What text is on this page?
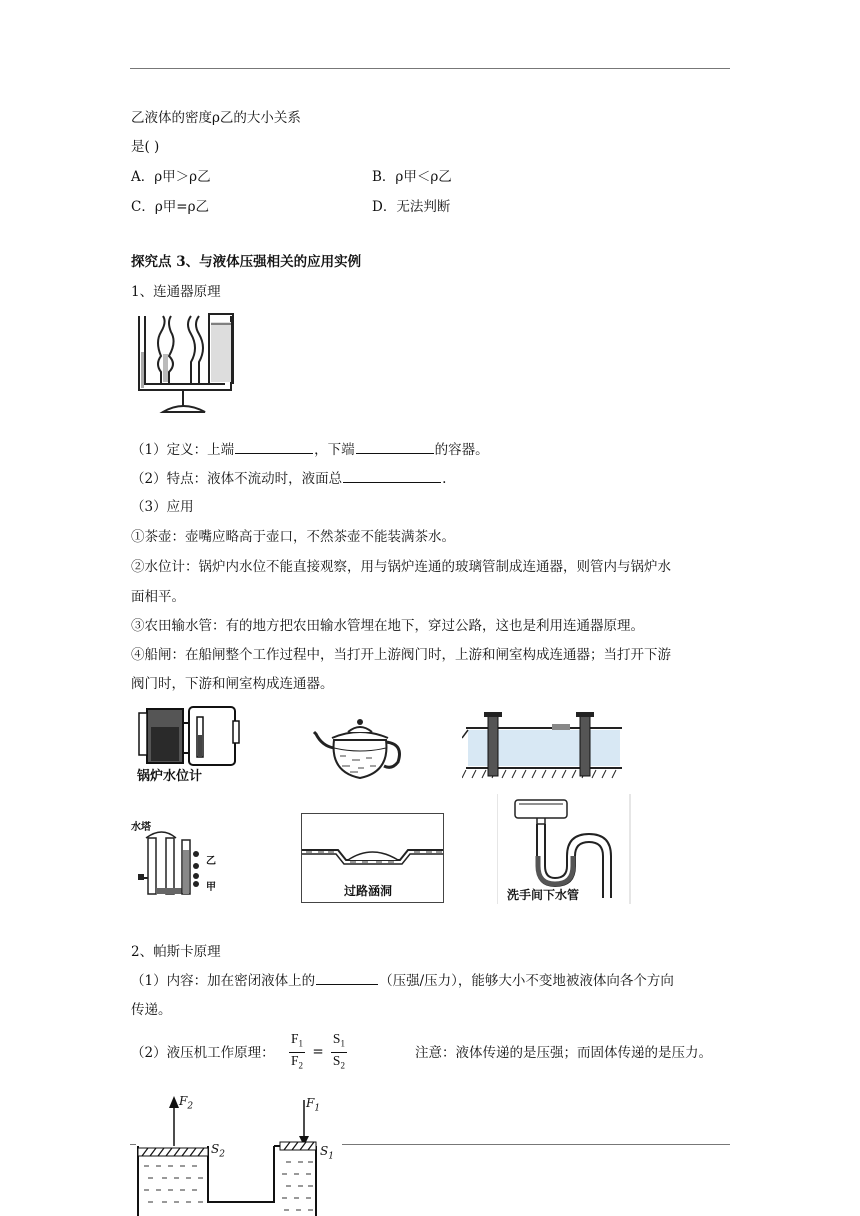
乙液体的密度ρ乙的大小关系
是( )
A．ρ甲＞ρ乙	B．ρ甲＜ρ乙
C．ρ甲=ρ乙	D．无法判断
探究点 3、与液体压强相关的应用实例
1、连通器原理
（1）定义：上端	，下端	的容器。
（2）特点：液体不流动时，液面总	.
（3）应用
①茶壶：壶嘴应略高于壶口，不然茶壶不能装满茶水。
②水位计：锅炉内水位不能直接观察，用与锅炉连通的玻璃管制成连通器，则管内与锅炉水
面相平。
③农田输水管：有的地方把农田输水管埋在地下，穿过公路，这也是利用连通器原理。
④船闸：在船闸整个工作过程中，当打开上游阀门时，上游和闸室构成连通器；当打开下游
阀门时，下游和闸室构成连通器。
锅炉水位计
水塔
乙
甲	过路涵洞	洗手间下水管
2、帕斯卡原理
（1）内容：加在密闭液体上的	（压强/压力），能够大小不变地被液体向各个方向
传递。
（2）液压机工作原理： $\frac{F_1}{F_2} = \frac{S_1}{S_2}$	注意：液体传递的是压强；而固体传递的是压力。
$F_2$	$F_1$
$S_2$	$S_1$
